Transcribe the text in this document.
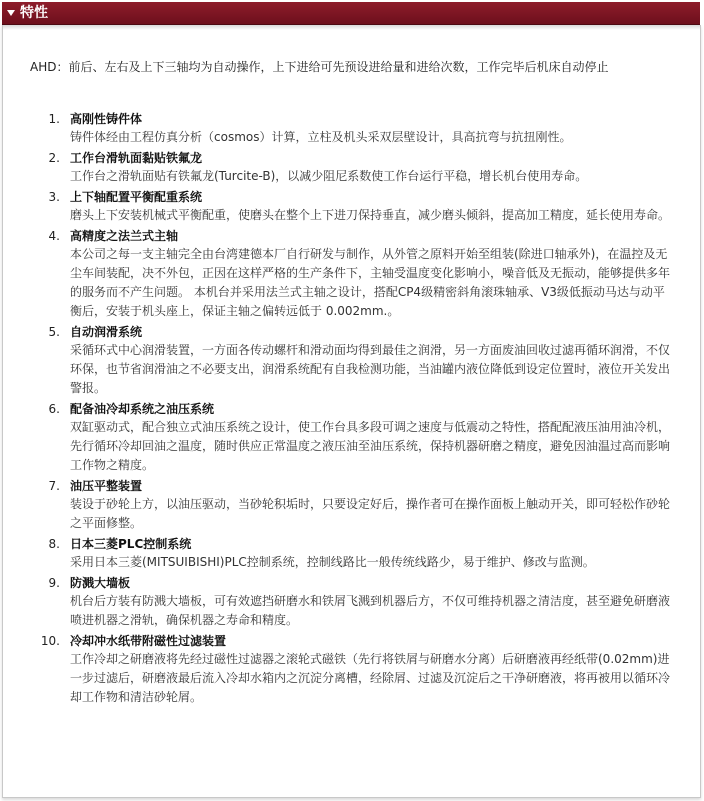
特性

AHD：前后、左右及上下三轴均为自动操作，上下进给可先预设进给量和进给次数，工作完毕后机床自动停止

1. 高刚性铸件体
铸件体经由工程仿真分析（cosmos）计算，立柱及机头采双层壁设计，具高抗弯与抗扭刚性。
2. 工作台滑轨面黏贴铁氟龙
工作台之滑轨面贴有铁氟龙(Turcite-B)，以减少阻尼系数使工作台运行平稳，增长机台使用寿命。
3. 上下轴配置平衡配重系统
磨头上下安装机械式平衡配重，使磨头在整个上下进刀保持垂直，减少磨头倾斜，提高加工精度，延长使用寿命。
4. 高精度之法兰式主轴
本公司之每一支主轴完全由台湾建德本厂自行研发与制作，从外管之原料开始至组装(除进口轴承外)，在温控及无尘车间装配，决不外包，正因在这样严格的生产条件下，主轴受温度变化影响小，噪音低及无振动，能够提供多年的服务而不产生问题。 本机台并采用法兰式主轴之设计，搭配CP4级精密斜角滚珠轴承、V3级低振动马达与动平衡后，安装于机头座上，保证主轴之偏转远低于 0.002mm.。
5. 自动润滑系统
采循环式中心润滑装置，一方面各传动螺杆和滑动面均得到最佳之润滑，另一方面废油回收过滤再循环润滑，不仅环保，也节省润滑油之不必要支出，润滑系统配有自我检测功能，当油罐内液位降低到设定位置时，液位开关发出警报。
6. 配备油冷却系统之油压系统
双缸驱动式，配合独立式油压系统之设计，使工作台具多段可调之速度与低震动之特性，搭配配液压油用油冷机，先行循环冷却回油之温度，随时供应正常温度之液压油至油压系统，保持机器研磨之精度，避免因油温过高而影响工作物之精度。
7. 油压平整装置
装设于砂轮上方，以油压驱动，当砂轮积垢时，只要设定好后，操作者可在操作面板上触动开关，即可轻松作砂轮之平面修整。
8. 日本三菱PLC控制系统
采用日本三菱(MITSUIBISHI)PLC控制系统，控制线路比一般传统线路少，易于维护、修改与监测。
9. 防溅大墙板
机台后方装有防溅大墙板，可有效遮挡研磨水和铁屑飞溅到机器后方，不仅可维持机器之清洁度，甚至避免研磨液喷进机器之滑轨，确保机器之寿命和精度。
10. 冷却冲水纸带附磁性过滤装置
工作冷却之研磨液将先经过磁性过滤器之滚轮式磁铁（先行将铁屑与研磨水分离）后研磨液再经纸带(0.02mm)进一步过滤后，研磨液最后流入冷却水箱内之沉淀分离槽，经除屑、过滤及沉淀后之干净研磨液，将再被用以循环冷却工作物和清洁砂轮屑。
